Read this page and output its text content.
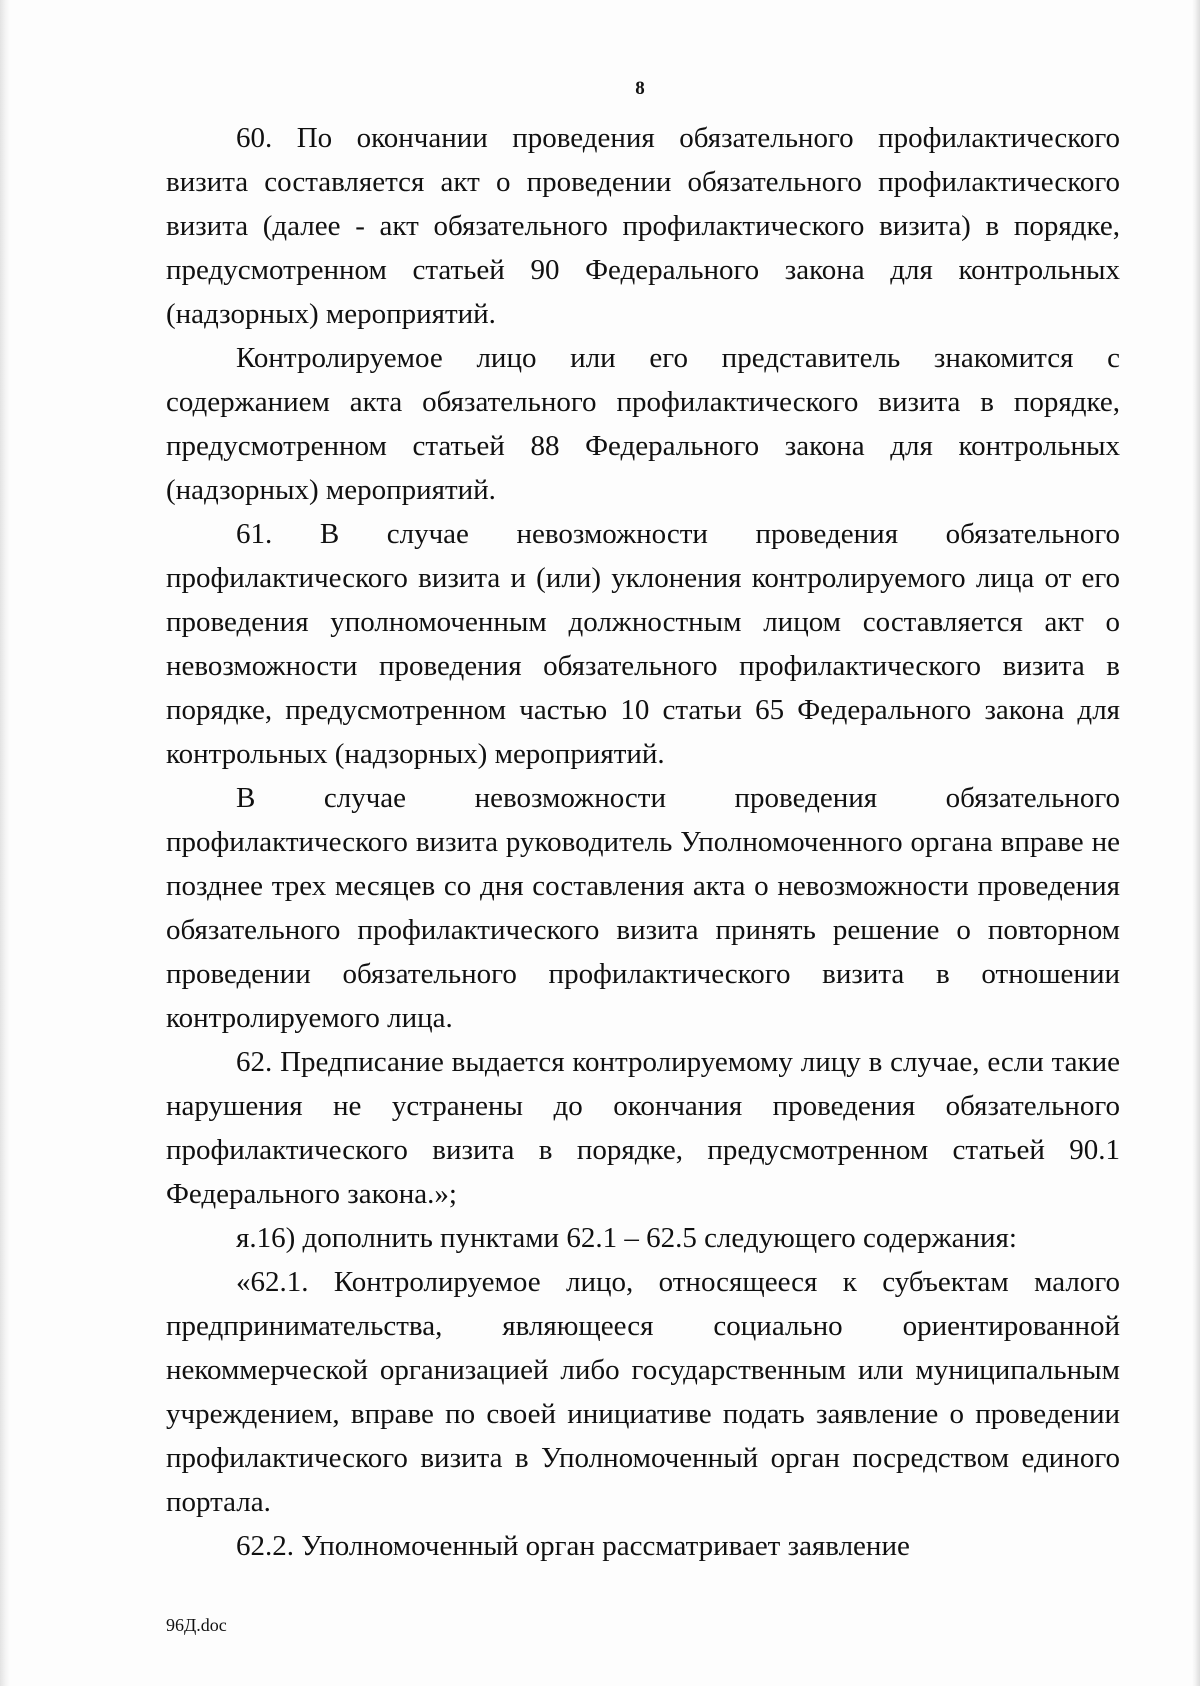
8

60. По окончании проведения обязательного профилактического визита составляется акт о проведении обязательного профилактического визита (далее - акт обязательного профилактического визита) в порядке, предусмотренном статьей 90 Федерального закона для контрольных (надзорных) мероприятий.

Контролируемое лицо или его представитель знакомится с содержанием акта обязательного профилактического визита в порядке, предусмотренном статьей 88 Федерального закона для контрольных (надзорных) мероприятий.

61. В случае невозможности проведения обязательного профилактического визита и (или) уклонения контролируемого лица от его проведения уполномоченным должностным лицом составляется акт о невозможности проведения обязательного профилактического визита в порядке, предусмотренном частью 10 статьи 65 Федерального закона для контрольных (надзорных) мероприятий.

В случае невозможности проведения обязательного профилактического визита руководитель Уполномоченного органа вправе не позднее трех месяцев со дня составления акта о невозможности проведения обязательного профилактического визита принять решение о повторном проведении обязательного профилактического визита в отношении контролируемого лица.

62. Предписание выдается контролируемому лицу в случае, если такие нарушения не устранены до окончания проведения обязательного профилактического визита в порядке, предусмотренном статьей 90.1 Федерального закона.»;

я.16) дополнить пунктами 62.1 – 62.5 следующего содержания:

«62.1. Контролируемое лицо, относящееся к субъектам малого предпринимательства, являющееся социально ориентированной некоммерческой организацией либо государственным или муниципальным учреждением, вправе по своей инициативе подать заявление о проведении профилактического визита в Уполномоченный орган посредством единого портала.

62.2. Уполномоченный орган рассматривает заявление

96Д.doc
